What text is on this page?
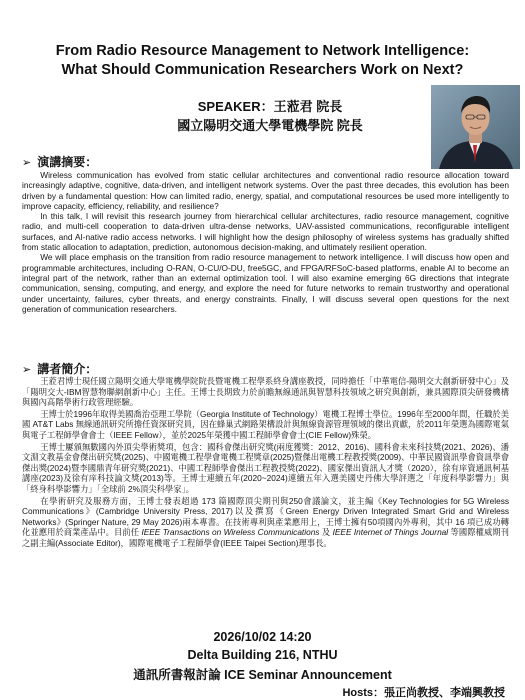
From Radio Resource Management to Network Intelligence:
What Should Communication Researchers Work on Next?
SPEAKER：王蒞君 院長
國立陽明交通大學電機學院 院長
➢ 演講摘要：

Wireless communication has evolved from static cellular architectures and conventional radio resource allocation toward increasingly adaptive, cognitive, data-driven, and intelligent network systems. Over the past three decades, this evolution has been driven by a fundamental question: How can limited radio, energy, spatial, and computational resources be used more intelligently to improve capacity, efficiency, reliability, and resilience?

In this talk, I will revisit this research journey from hierarchical cellular architectures, radio resource management, cognitive radio, and multi-cell cooperation to data-driven ultra-dense networks, UAV-assisted communications, reconfigurable intelligent surfaces, and AI-native radio access networks. I will highlight how the design philosophy of wireless systems has gradually shifted from static allocation to adaptation, prediction, autonomous decision-making, and ultimately resilient operation.

We will place emphasis on the transition from radio resource management to network intelligence. I will discuss how open and programmable architectures, including O-RAN, O-CU/O-DU, free5GC, and FPGA/RFSoC-based platforms, enable AI to become an integral part of the network, rather than an external optimization tool. I will also examine emerging 6G directions that integrate communication, sensing, computing, and energy, and explore the need for future networks to remain trustworthy and operational under uncertainty, failures, cyber threats, and energy constraints. Finally, I will discuss several open questions for the next generation of communication researchers.

➢ 講者簡介：

王蒞君博士現任國立陽明交通大學電機學院院長暨電機工程學系終身講座教授，同時擔任「中華電信-陽明交大創新研發中心」及「陽明交大-IBM智慧物聯網創新中心」主任。王博士長期致力於前瞻無線通訊與智慧科技領域之研究與創新，兼具國際頂尖研發機構與國內高階學術行政管理經驗。

王博士於1996年取得美國喬治亞理工學院（Georgia Institute of Technology）電機工程博士學位。1996年至2000年間，任職於美國 AT&T Labs 無線通訊研究所擔任資深研究員，因在蜂巢式網路架構設計與無線資源管理領域的傑出貢獻，於2011年榮選為國際電氣與電子工程師學會會士（IEEE Fellow），並於2025年榮獲中國工程師學會會士(CIE Fellow)殊榮。

王博士屢頒無數國內外頂尖學術獎項，包含：國科會傑出研究獎(兩度獲獎：2012、2016)、國科會未來科技獎(2021、2026)、潘文淵文教基金會傑出研究獎(2025)、中國電機工程學會電機工程獎章(2025)暨傑出電機工程教授獎(2009)、中華民國資訊學會資訊學會傑出獎(2024)暨李國鼎青年研究獎(2021)、中國工程師學會傑出工程教授獎(2022)、國家傑出資訊人才獎（2020），徐有庠資通訊柯基講座(2023)及徐有庠科技論文獎(2013)等。王博士連續五年(2020~2024)連續五年入選美國史丹佛大學評選之「年度科學影響力」與「終身科學影響力」「全球前 2%頂尖科學家」。

在學術研究及服務方面，王博士發表超過 173 篇國際頂尖期刊與250會議論文，並主編《Key Technologies for 5G Wireless Communications》(Cambridge University Press, 2017)以及撰寫《Green Energy Driven Integrated Smart Grid and Wireless Networks》(Springer Nature, 29 May 2026)兩本專書。在技術專利與產業應用上，王博士擁有50項國內外專利，其中 16 項已成功轉化並應用於商業產品中。目前任 IEEE Transactions on Wireless Communications 及 IEEE Internet of Things Journal 等國際權威期刊之副主編(Associate Editor)，國際電機電子工程師學會(IEEE Taipei Section)理事長。

2026/10/02 14:20
Delta Building 216, NTHU
通訊所書報討論 ICE Seminar Announcement
Hosts：張正尚教授、李端興教授
